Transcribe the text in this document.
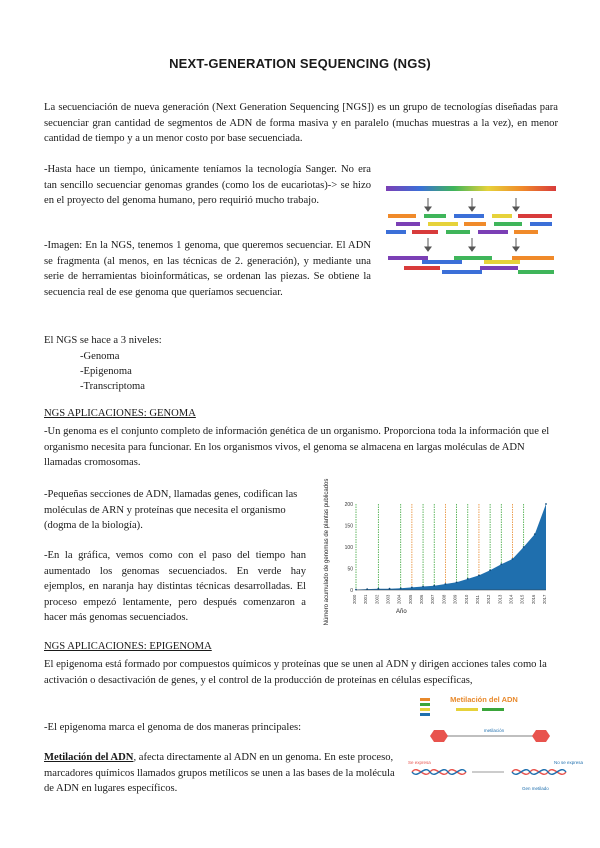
NEXT-GENERATION SEQUENCING (NGS)
La secuenciación de nueva generación (Next Generation Sequencing [NGS]) es un grupo de tecnologías diseñadas para secuenciar gran cantidad de segmentos de ADN de forma masiva y en paralelo (muchas muestras a la vez), en menor cantidad de tiempo y a un menor costo por base secuenciada.
-Hasta hace un tiempo, únicamente teníamos la tecnología Sanger. No era tan sencillo secuenciar genomas grandes (como los de eucariotas)-> se hizo en el proyecto del genoma humano, pero requirió mucho trabajo.
-Imagen: En la NGS, tenemos 1 genoma, que queremos secuenciar. El ADN se fragmenta (al menos, en las técnicas de 2. generación), y mediante una serie de herramientas bioinformáticas, se ordenan las piezas. Se obtiene la secuencia real de ese genoma que queríamos secuenciar.
El NGS se hace a 3 niveles:
-Genoma
-Epigenoma
-Transcriptoma
NGS APLICACIONES: GENOMA
-Un genoma es el conjunto completo de información genética de un organismo. Proporciona toda la información que el organismo necesita para funcionar. En los organismos vivos, el genoma se almacena en largas moléculas de ADN llamadas cromosomas.
-Pequeñas secciones de ADN, llamadas genes, codifican las moléculas de ARN y proteínas que necesita el organismo (dogma de la biología).
-En la gráfica, vemos como con el paso del tiempo han aumentado los genomas secuenciados. En verde hay ejemplos, en naranja hay distintas técnicas desarrolladas. El proceso empezó lentamente, pero después comenzaron a hacer más genomas secuenciados.	Número acumulado de genomas de plantas publicados	Año
0
50
100
150
200
2000 2001 2002 2003 2004 2005 2006 2007 2008 2009 2010 2011 2012 2013 2014 2015 2016 2017
NGS APLICACIONES: EPIGENOMA
El epigenoma está formado por compuestos químicos y proteínas que se unen al ADN y dirigen acciones tales como la activación o desactivación de genes, y el control de la producción de proteínas en células específicas,
-El epigenoma marca el genoma de dos maneras principales:
Metilación del ADN, afecta directamente al ADN en un genoma. En este proceso, marcadores químicos llamados grupos metílicos se unen a las bases de la molécula de ADN en lugares específicos.
Metilación del ADN
metilación
Se expresa	No se expresa
Gen metilado
